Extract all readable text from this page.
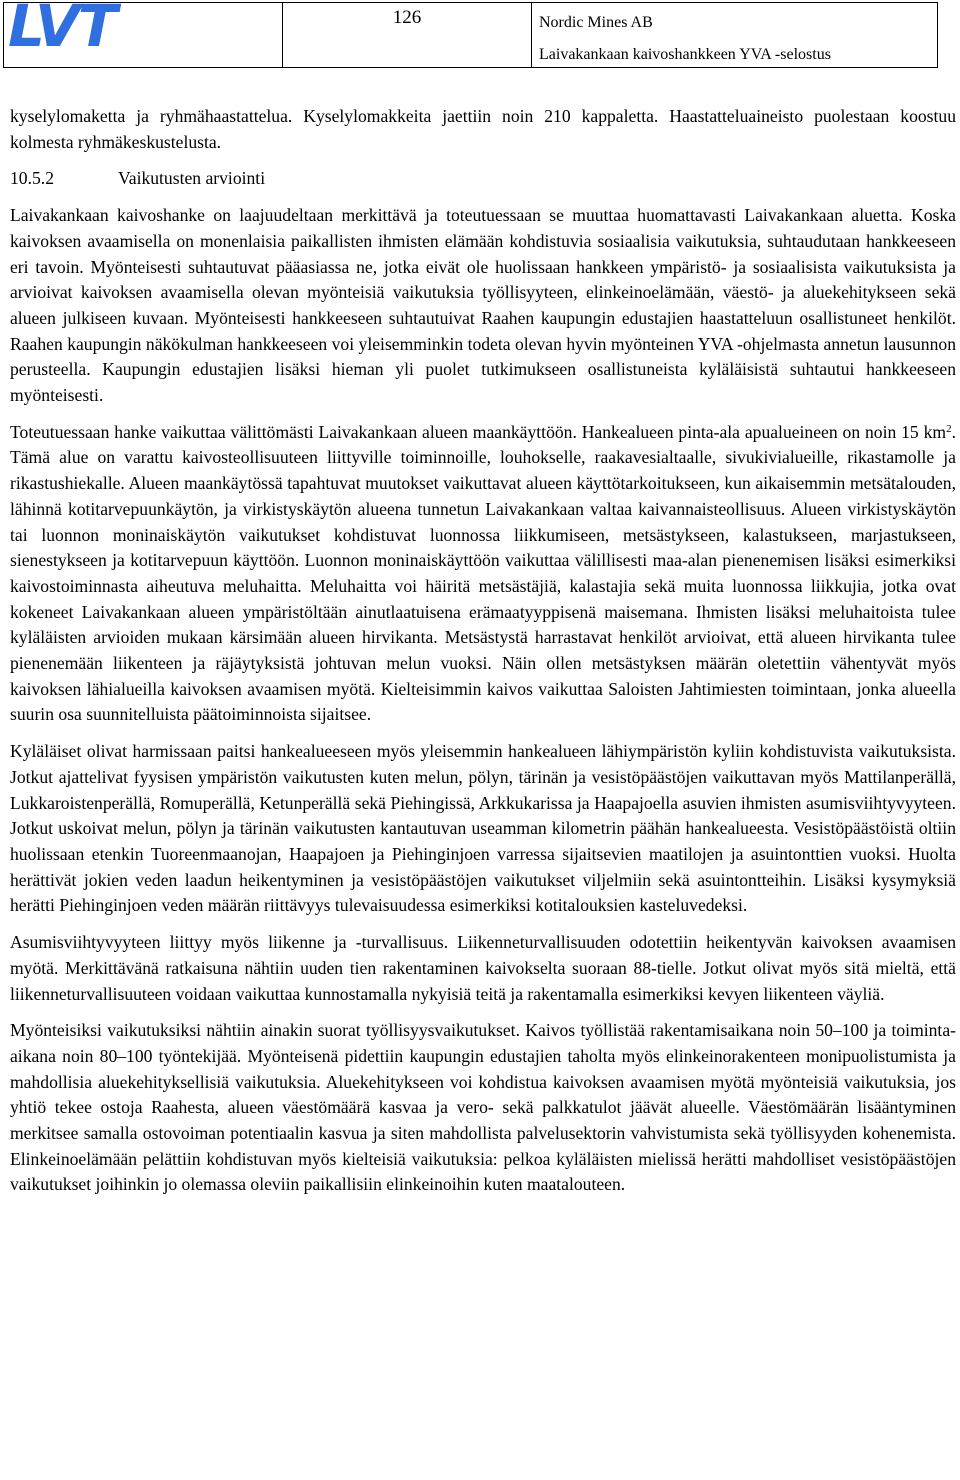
LVT	126	Nordic Mines AB
Laivakankaan kaivoshankkeen YVA -selostus

kyselylomaketta ja ryhmähaastattelua. Kyselylomakkeita jaettiin noin 210 kappaletta. Haastatteluaineisto puolestaan koostuu kolmesta ryhmäkeskustelusta.

10.5.2	Vaikutusten arviointi

Laivakankaan kaivoshanke on laajuudeltaan merkittävä ja toteutuessaan se muuttaa huomattavasti Laivakankaan aluetta. Koska kaivoksen avaamisella on monenlaisia paikallisten ihmisten elämään kohdistuvia sosiaalisia vaikutuksia, suhtaudutaan hankkeeseen eri tavoin. Myönteisesti suhtautuvat pääasiassa ne, jotka eivät ole huolissaan hankkeen ympäristö- ja sosiaalisista vaikutuksista ja arvioivat kaivoksen avaamisella olevan myönteisiä vaikutuksia työllisyyteen, elinkeinoelämään, väestö- ja aluekehitykseen sekä alueen julkiseen kuvaan. Myönteisesti hankkeeseen suhtautuivat Raahen kaupungin edustajien haastatteluun osallistuneet henkilöt. Raahen kaupungin näkökulman hankkeeseen voi yleisemminkin todeta olevan hyvin myönteinen YVA -ohjelmasta annetun lausunnon perusteella. Kaupungin edustajien lisäksi hieman yli puolet tutkimukseen osallistuneista kyläläisistä suhtautui hankkeeseen myönteisesti.

Toteutuessaan hanke vaikuttaa välittömästi Laivakankaan alueen maankäyttöön. Hankealueen pinta-ala apualueineen on noin 15 $km^2$. Tämä alue on varattu kaivosteollisuuteen liittyville toiminnoille, louhokselle, raakavesialtaalle, sivukivialueille, rikastamolle ja rikastushiekalle. Alueen maankäytössä tapahtuvat muutokset vaikuttavat alueen käyttötarkoitukseen, kun aikaisemmin metsätalouden, lähinnä kotitarvepuunkäytön, ja virkistyskäytön alueena tunnetun Laivakankaan valtaa kaivannaisteollisuus. Alueen virkistyskäytön tai luonnon moninaiskäytön vaikutukset kohdistuvat luonnossa liikkumiseen, metsästykseen, kalastukseen, marjastukseen, sienestykseen ja kotitarvepuun käyttöön. Luonnon moninaiskäyttöön vaikuttaa välillisesti maa-alan pienenemisen lisäksi esimerkiksi kaivostoiminnasta aiheutuva meluhaitta. Meluhaitta voi häiritä metsästäjiä, kalastajia sekä muita luonnossa liikkujia, jotka ovat kokeneet Laivakankaan alueen ympäristöltään ainutlaatuisena erämaatyyppisenä maisemana. Ihmisten lisäksi meluhaitoista tulee kyläläisten arvioiden mukaan kärsimään alueen hirvikanta. Metsästystä harrastavat henkilöt arvioivat, että alueen hirvikanta tulee pienenemään liikenteen ja räjäytyksistä johtuvan melun vuoksi. Näin ollen metsästyksen määrän oletettiin vähentyvät myös kaivoksen lähialueilla kaivoksen avaamisen myötä. Kielteisimmin kaivos vaikuttaa Saloisten Jahtimiesten toimintaan, jonka alueella suurin osa suunnitelluista päätoiminnoista sijaitsee.

Kyläläiset olivat harmissaan paitsi hankealueeseen myös yleisemmin hankealueen lähiympäristön kyliin kohdistuvista vaikutuksista. Jotkut ajattelivat fyysisen ympäristön vaikutusten kuten melun, pölyn, tärinän ja vesistöpäästöjen vaikuttavan myös Mattilanperällä, Lukkaroistenperällä, Romuperällä, Ketunperällä sekä Piehingissä, Arkkukarissa ja Haapajoella asuvien ihmisten asumisviihtyvyyteen. Jotkut uskoivat melun, pölyn ja tärinän vaikutusten kantautuvan useamman kilometrin päähän hankealueesta. Vesistöpäästöistä oltiin huolissaan etenkin Tuoreenmaanojan, Haapajoen ja Piehinginjoen varressa sijaitsevien maatilojen ja asuintonttien vuoksi. Huolta herättivät jokien veden laadun heikentyminen ja vesistöpäästöjen vaikutukset viljelmiin sekä asuintontteihin. Lisäksi kysymyksiä herätti Piehinginjoen veden määrän riittävyys tulevaisuudessa esimerkiksi kotitalouksien kasteluvedeksi.

Asumisviihtyvyyteen liittyy myös liikenne ja -turvallisuus. Liikenneturvallisuuden odotettiin heikentyvän kaivoksen avaamisen myötä. Merkittävänä ratkaisuna nähtiin uuden tien rakentaminen kaivokselta suoraan 88-tielle. Jotkut olivat myös sitä mieltä, että liikenneturvallisuuteen voidaan vaikuttaa kunnostamalla nykyisiä teitä ja rakentamalla esimerkiksi kevyen liikenteen väyliä.

Myönteisiksi vaikutuksiksi nähtiin ainakin suorat työllisyysvaikutukset. Kaivos työllistää rakentamisaikana noin 50–100 ja toiminta-aikana noin 80–100 työntekijää. Myönteisenä pidettiin kaupungin edustajien taholta myös elinkeinorakenteen monipuolistumista ja mahdollisia aluekehityksellisiä vaikutuksia. Aluekehitykseen voi kohdistua kaivoksen avaamisen myötä myönteisiä vaikutuksia, jos yhtiö tekee ostoja Raahesta, alueen väestömäärä kasvaa ja vero- sekä palkkatulot jäävät alueelle. Väestömäärän lisääntyminen merkitsee samalla ostovoiman potentiaalin kasvua ja siten mahdollista palvelusektorin vahvistumista sekä työllisyyden kohenemista. Elinkeinoelämään pelättiin kohdistuvan myös kielteisiä vaikutuksia: pelkoa kyläläisten mielissä herätti mahdolliset vesistöpäästöjen vaikutukset joihinkin jo olemassa oleviin paikallisiin elinkeinoihin kuten maatalouteen.
